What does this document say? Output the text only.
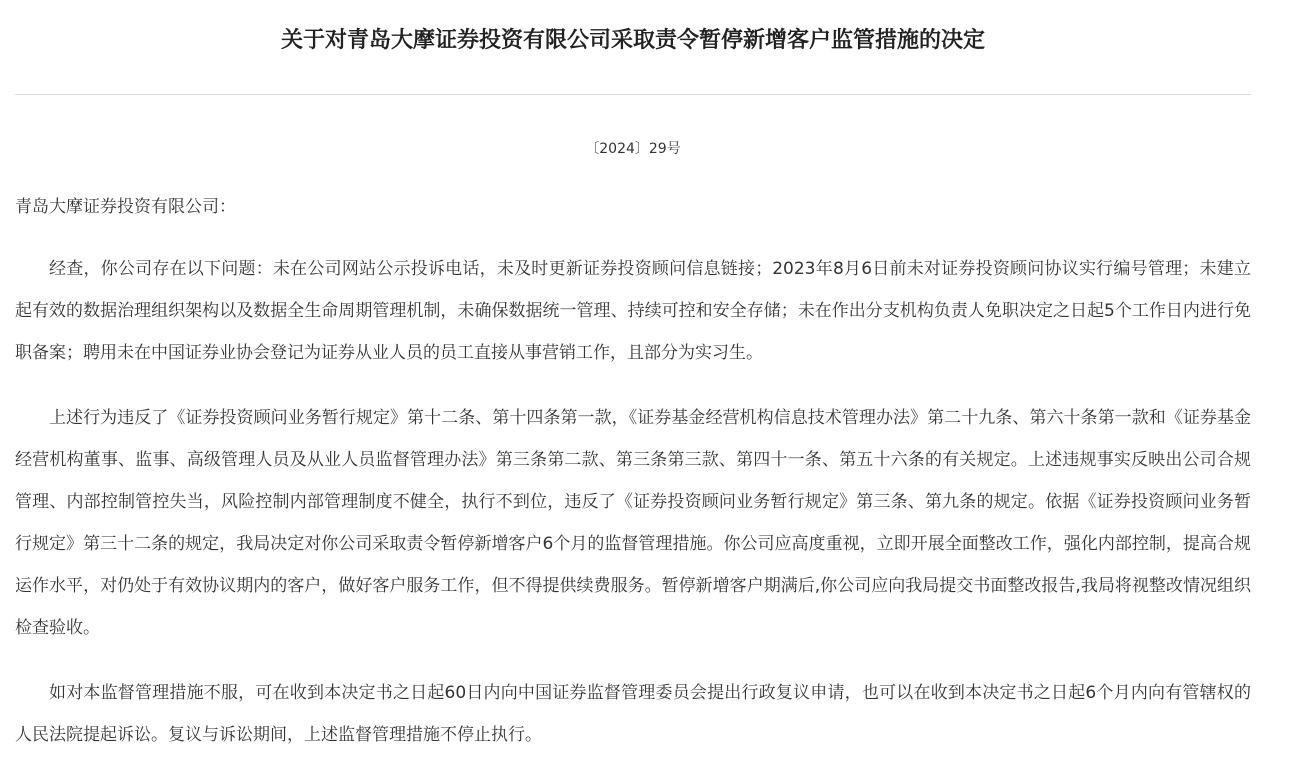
关于对青岛大摩证券投资有限公司采取责令暂停新增客户监管措施的决定
〔2024〕29号
青岛大摩证券投资有限公司：

经查，你公司存在以下问题：未在公司网站公示投诉电话，未及时更新证券投资顾问信息链接；2023年8月6日前未对证券投资顾问协议实行编号管理；未建立起有效的数据治理组织架构以及数据全生命周期管理机制，未确保数据统一管理、持续可控和安全存储；未在作出分支机构负责人免职决定之日起5个工作日内进行免职备案；聘用未在中国证券业协会登记为证券从业人员的员工直接从事营销工作，且部分为实习生。

上述行为违反了《证券投资顾问业务暂行规定》第十二条、第十四条第一款，《证券基金经营机构信息技术管理办法》第二十九条、第六十条第一款和《证券基金经营机构董事、监事、高级管理人员及从业人员监督管理办法》第三条第二款、第三条第三款、第四十一条、第五十六条的有关规定。上述违规事实反映出公司合规管理、内部控制管控失当，风险控制内部管理制度不健全，执行不到位，违反了《证券投资顾问业务暂行规定》第三条、第九条的规定。依据《证券投资顾问业务暂行规定》第三十二条的规定，我局决定对你公司采取责令暂停新增客户6个月的监督管理措施。你公司应高度重视，立即开展全面整改工作，强化内部控制，提高合规运作水平，对仍处于有效协议期内的客户，做好客户服务工作，但不得提供续费服务。暂停新增客户期满后,你公司应向我局提交书面整改报告,我局将视整改情况组织检查验收。

如对本监督管理措施不服，可在收到本决定书之日起60日内向中国证券监督管理委员会提出行政复议申请，也可以在收到本决定书之日起6个月内向有管辖权的人民法院提起诉讼。复议与诉讼期间，上述监督管理措施不停止执行。
